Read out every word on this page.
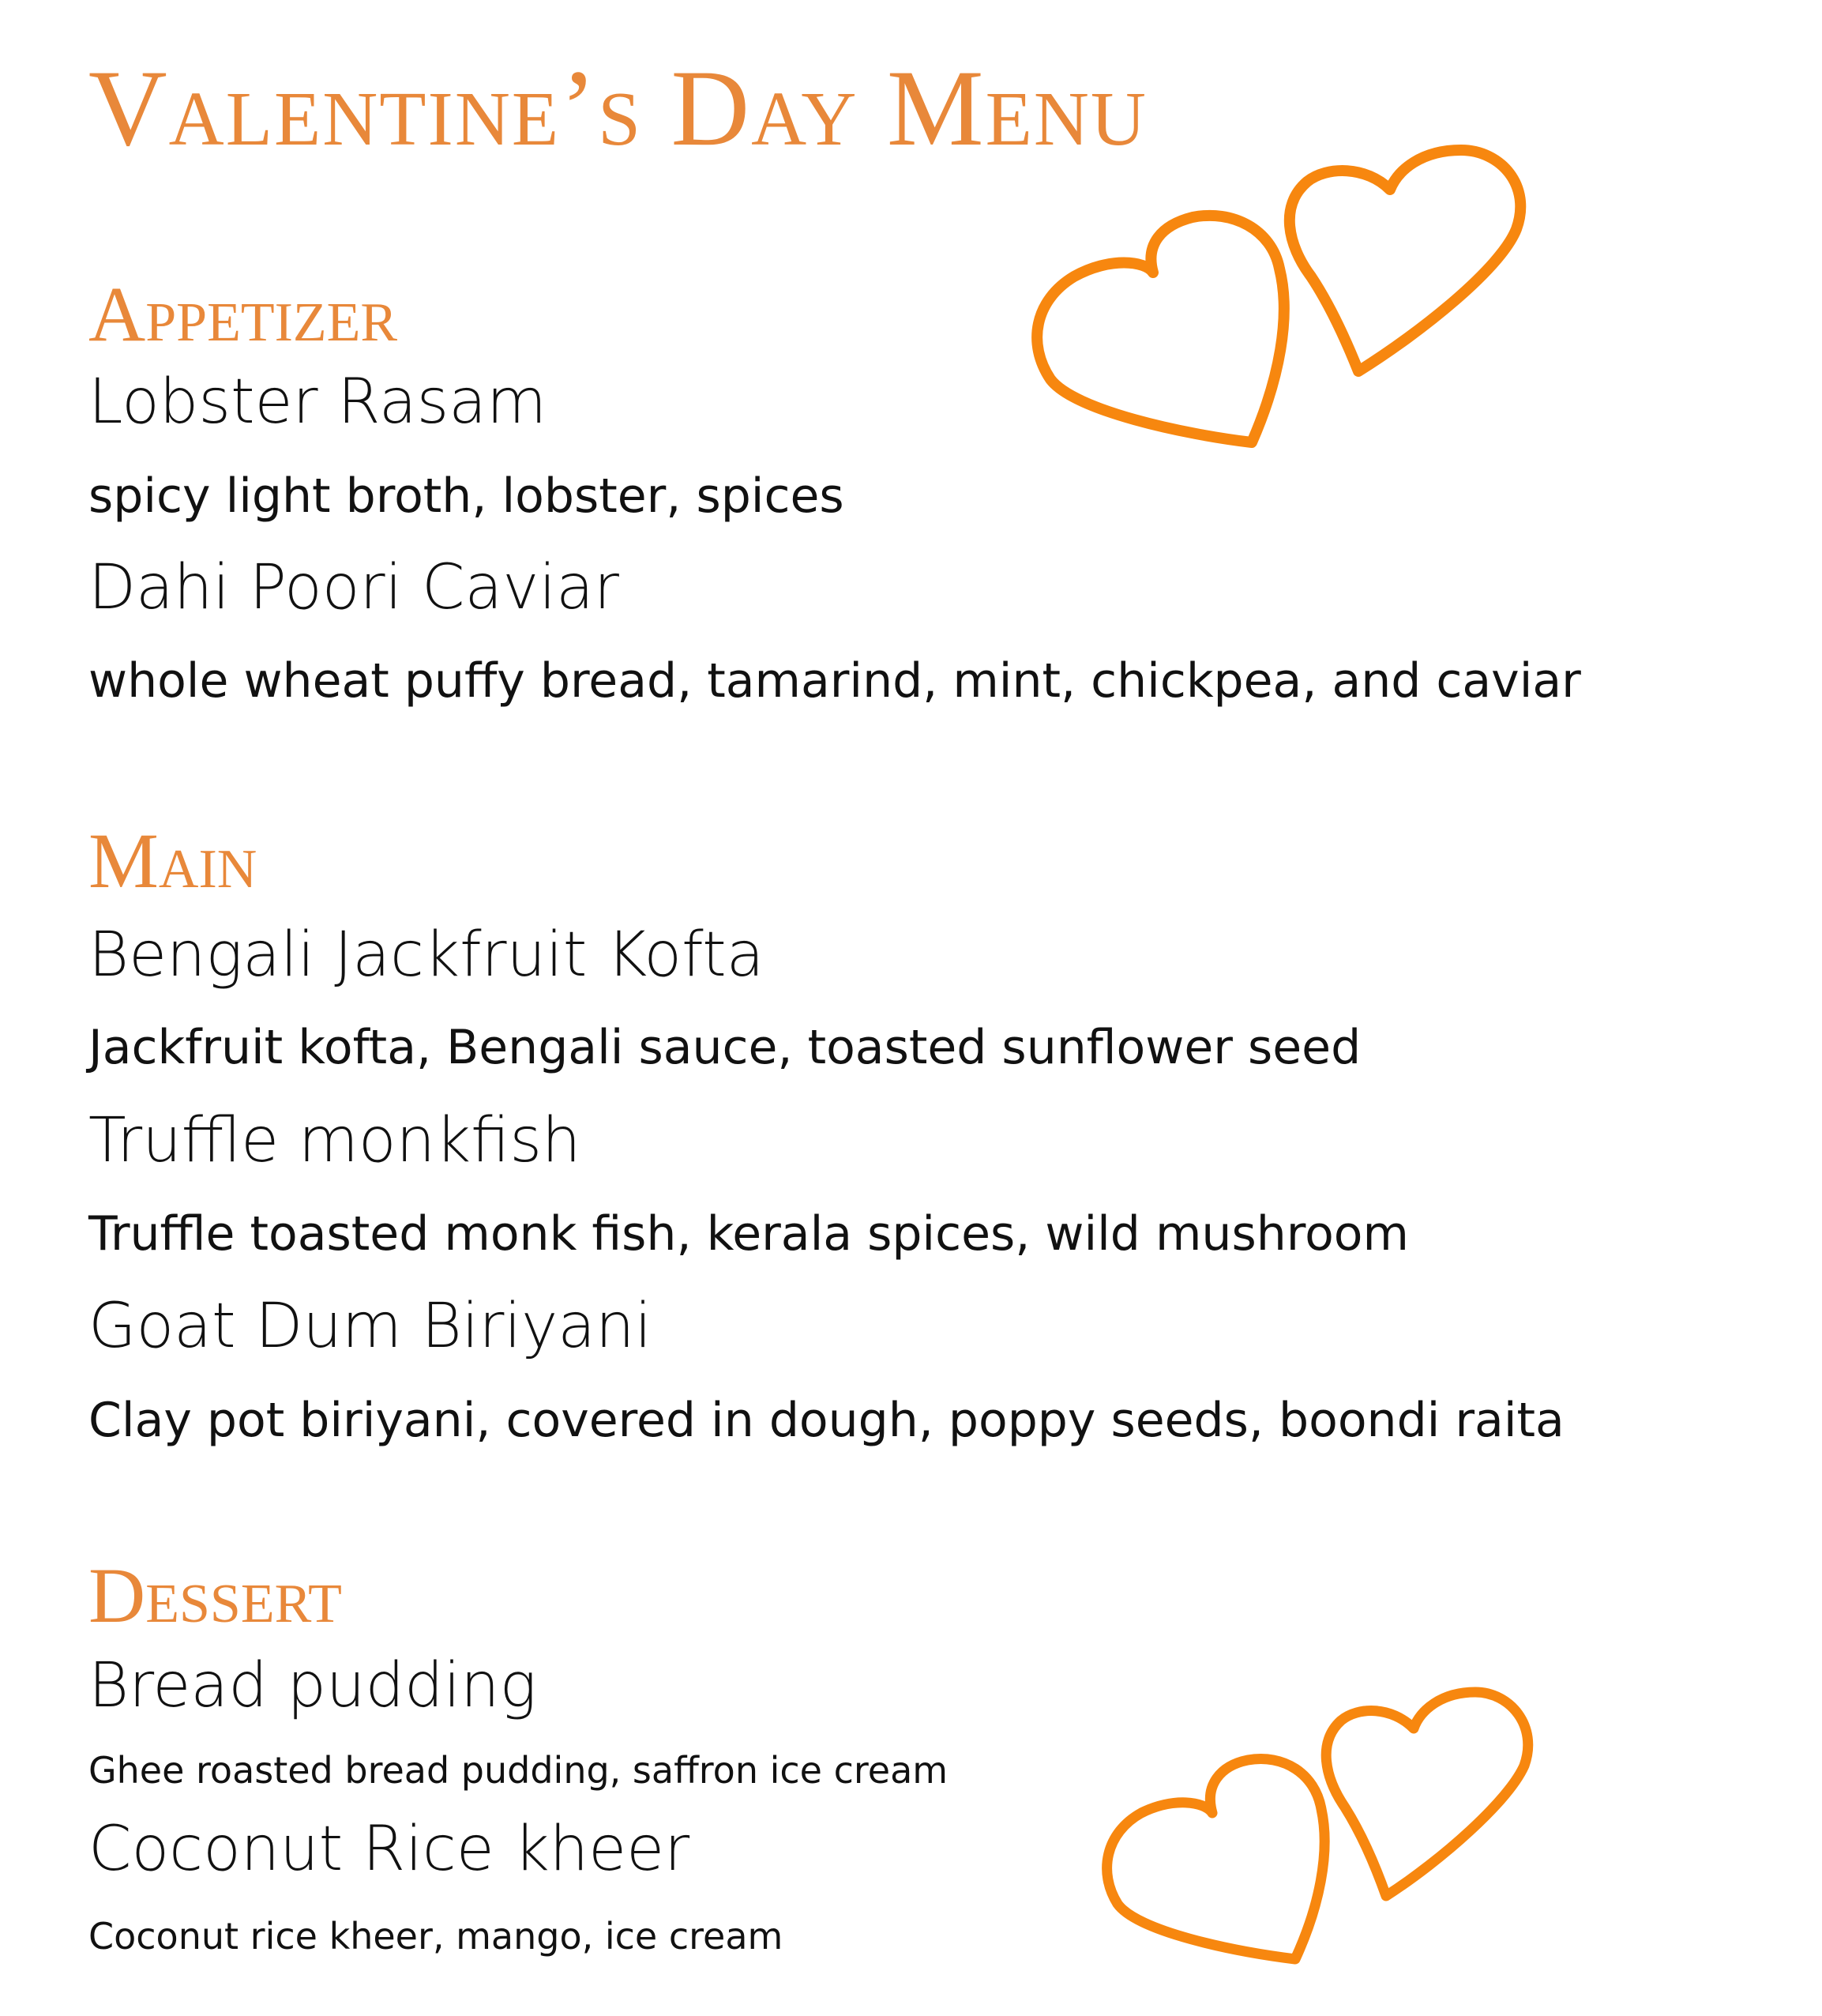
Valentine’s Day Menu
Appetizer
Lobster Rasam
spicy light broth, lobster, spices
Dahi Poori Caviar
whole wheat puffy bread, tamarind, mint, chickpea, and caviar
Main
Bengali Jackfruit Kofta
Jackfruit kofta, Bengali sauce, toasted sunflower seed
Truffle monkfish
Truffle toasted monk fish, kerala spices, wild mushroom
Goat Dum Biriyani
Clay pot biriyani, covered in dough, poppy seeds, boondi raita
Dessert
Bread pudding
Ghee roasted bread pudding, saffron ice cream
Coconut Rice kheer
Coconut rice kheer, mango, ice cream
